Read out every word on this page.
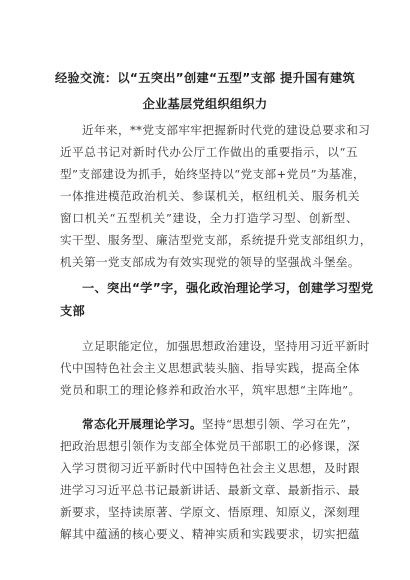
经验交流：以“五突出”创建“五型”支部 提升国有建筑
企业基层党组织组织力
近年来，**党支部牢牢把握新时代党的建设总要求和习
近平总书记对新时代办公厅工作做出的重要指示，以“五
型”支部建设为抓手，始终坚持以“党支部+党员”为基准，
一体推进模范政治机关、参谋机关，枢纽机关、服务机关
窗口机关“五型机关”建设，全力打造学习型、创新型、
实干型、服务型、廉洁型党支部，系统提升党支部组织力，
机关第一党支部成为有效实现党的领导的坚强战斗堡垒。
一、突出“学”字，强化政治理论学习，创建学习型党
支部
立足职能定位，加强思想政治建设，坚持用习近平新时
代中国特色社会主义思想武装头脑、指导实践，提高全体
党员和职工的理论修养和政治水平，筑牢思想“主阵地”。
常态化开展理论学习。坚持“思想引领、学习在先”，
把政治思想引领作为支部全体党员干部职工的必修课，深
入学习贯彻习近平新时代中国特色社会主义思想，及时跟
进学习习近平总书记最新讲话、最新文章、最新指示、最
新要求，坚持读原著、学原文、悟原理、知原义，深刻理
解其中蕴涵的核心要义、精神实质和实践要求，切实把蕴
